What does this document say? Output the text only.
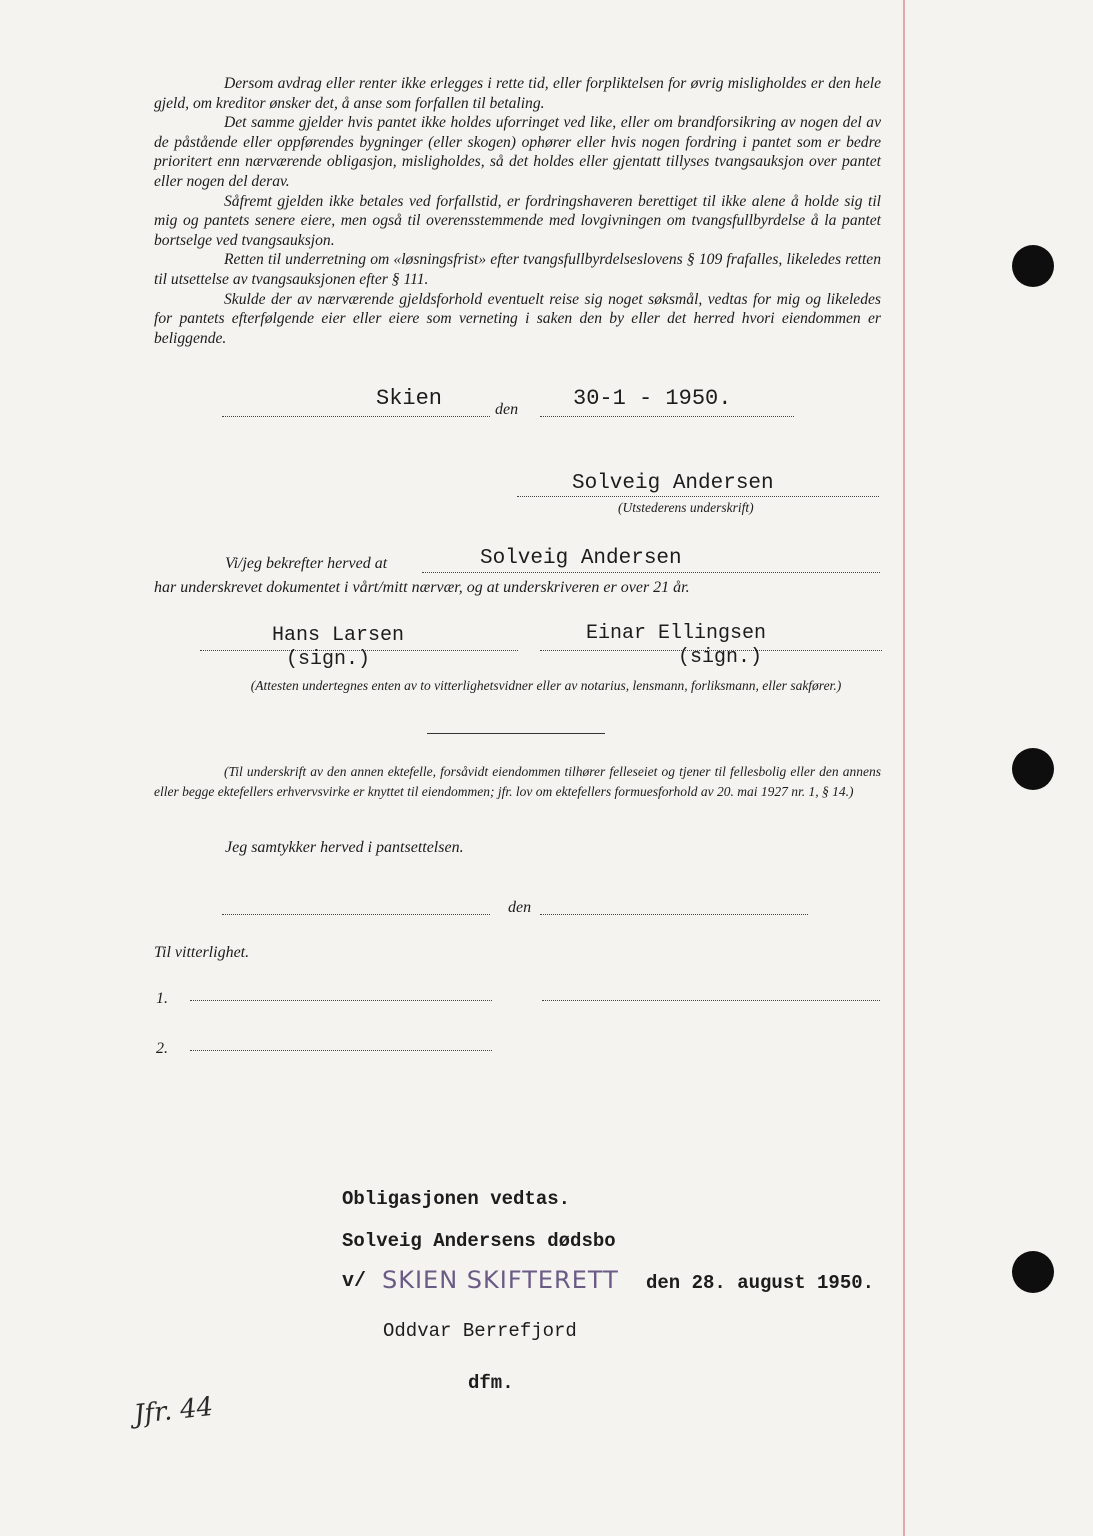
Dersom avdrag eller renter ikke erlegges i rette tid, eller forpliktelsen for øvrig misligholdes er den hele gjeld, om kreditor ønsker det, å anse som forfallen til betaling.

Det samme gjelder hvis pantet ikke holdes uforringet ved like, eller om brandforsikring av nogen del av de påstående eller oppførendes bygninger (eller skogen) ophører eller hvis nogen fordring i pantet som er bedre prioritert enn nærværende obligasjon, misligholdes, så det holdes eller gjentatt tillyses tvangsauksjon over pantet eller nogen del derav.

Såfremt gjelden ikke betales ved forfallstid, er fordringshaveren berettiget til ikke alene å holde sig til mig og pantets senere eiere, men også til overensstemmende med lovgivningen om tvangsfullbyrdelse å la pantet bortselge ved tvangsauksjon.

Retten til underretning om «løsningsfrist» efter tvangsfullbyrdelseslovens § 109 frafalles, likeledes retten til utsettelse av tvangsauksjonen efter § 111.

Skulde der av nærværende gjeldsforhold eventuelt reise sig noget søksmål, vedtas for mig og likeledes for pantets efterfølgende eier eller eiere som verneting i saken den by eller det herred hvori eiendommen er beliggende.

Skien	den 30-1 - 1950.
Solveig Andersen
(Utstederens underskrift)
Vi/jeg bekrefter herved at	Solveig Andersen
har underskrevet dokumentet i vårt/mitt nærvær, og at underskriveren er over 21 år.
Hans Larsen
(sign.)
Einar Ellingsen
(sign.)
(Attesten undertegnes enten av to vitterlighetsvidner eller av notarius, lensmann, forliksmann, eller sakfører.)
(Til underskrift av den annen ektefelle, forsåvidt eiendommen tilhører felleseiet og tjener til fellesbolig eller den annens eller begge ektefellers erhvervsvirke er knyttet til eiendommen; jfr. lov om ektefellers formuesforhold av 20. mai 1927 nr. 1, § 14.)
Jeg samtykker herved i pantsettelsen.
den
Til vitterlighet.
1.
2.
Obligasjonen vedtas.
Solveig Andersens dødsbo
v/ SKIEN SKIFTERETT den 28. august 1950.
Oddvar Berrefjord
dfm.
Jfr. 44
